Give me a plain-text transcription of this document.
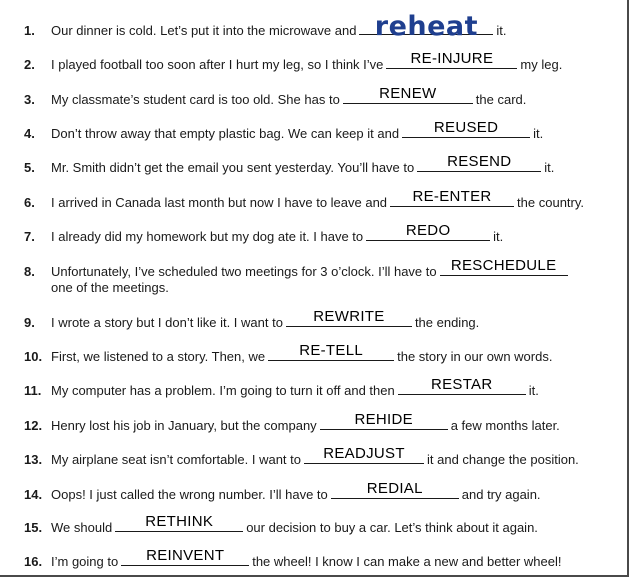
1. Our dinner is cold. Let’s put it into the microwave and reheat	it.
2. I played football too soon after I hurt my leg, so I think I’ve	RE-INJURE	my leg.
3. My classmate’s student card is too old. She has to	RENEW	the card.
4. Don’t throw away that empty plastic bag. We can keep it and	REUSED	it.
5. Mr. Smith didn’t get the email you sent yesterday. You’ll have to	RESEND	it.
6. I arrived in Canada last month but now I have to leave and	RE-ENTER	the country.
7. I already did my homework but my dog ate it. I have to	REDO	it.
8. Unfortunately, I’ve scheduled two meetings for 3 o’clock. I’ll have to RESCHEDULE
one of the meetings.
9. I wrote a story but I don’t like it. I want to	REWRITE	the ending.
10. First, we listened to a story. Then, we	RE-TELL	the story in our own words.
11. My computer has a problem. I’m going to turn it off and then	RESTAR	it.
12. Henry lost his job in January, but the company	REHIDE	a few months later.
13. My airplane seat isn’t comfortable. I want to	READJUST	it and change the position.
14. Oops! I just called the wrong number. I’ll have to	REDIAL	and try again.
15. We should	RETHINK	our decision to buy a car. Let’s think about it again.
16. I’m going to	REINVENT	the wheel! I know I can make a new and better wheel!
